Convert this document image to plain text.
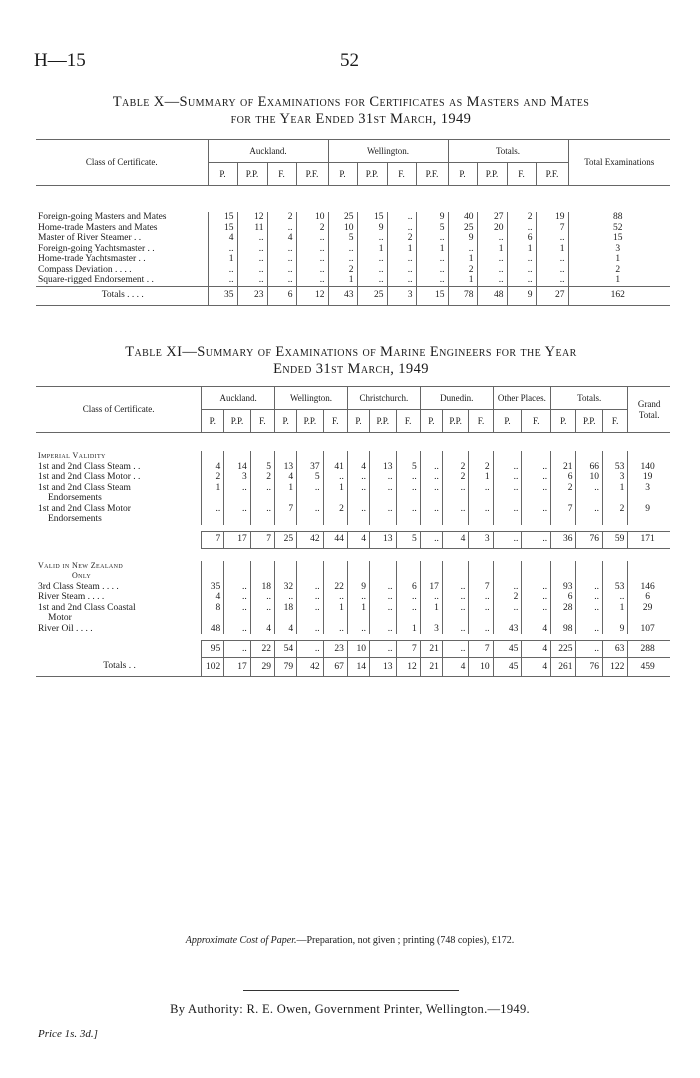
H—15	52
Table X—Summary of Examinations for Certificates as Masters and Mates
for the Year Ended 31st March, 1949
Class of Certificate.	Auckland.				Wellington.				Totals.				Total Examinations
	P.	P.P.	F.	P.F.	P.	P.P.	F.	P.F.	P.	P.P.	F.	P.F.	

Foreign-going Masters and Mates	15	12	2	10	25	15	..	9	40	27	2	19	88
Home-trade Masters and Mates	15	11	..	2	10	9	..	5	25	20	..	7	52
Master of River Steamer . .	4	..	4	..	5	..	2	..	9	..	6	..	15
Foreign-going Yachtsmaster . .	..	..	..	..	..	1	1	1	..	1	1	1	3
Home-trade Yachtsmaster . .	1	..	..	..	..	..	..	..	1	..	..	..	1
Compass Deviation . . . .	..	..	..	..	2	..	..	..	2	..	..	..	2
Square-rigged Endorsement . .	..	..	..	..	1	..	..	..	1	..	..	..	1
Totals . . . .	35	23	6	12	43	25	3	15	78	48	9	27	162
Table XI—Summary of Examinations of Marine Engineers for the Year
Ended 31st March, 1949
Class of Certificate.	Auckland.			Wellington.			Christchurch.			Dunedin.			Other Places.		Totals.			Grand Total.
	P.	P.P.	F.	P.	P.P.	F.	P.	P.P.	F.	P.	P.P.	F.	P.	F.	P.	P.P.	F.	

Imperial Validity																		

1st and 2nd Class Steam . .	4	14	5	13	37	41	4	13	5	..	2	2	..	..	21	66	53	140

1st and 2nd Class Motor . .	2	3	2	4	5	..	..	..	..	..	2	1	..	..	6	10	3	19

1st and 2nd Class Steam
Endorsements	1	..	..	1	..	1	..	..	..	..	..	..	..	..	2	..	1	3

1st and 2nd Class Motor
Endorsements	..	..	..	7	..	2	..	..	..	..	..	..	..	..	7	..	2	9

	7	17	7	25	42	44	4	13	5	..	4	3	..	..	36	76	59	171

Valid in New Zealand
Only																		

3rd Class Steam . . . .	35	..	18	32	..	22	9	..	6	17	..	7	..	..	93	..	53	146

River Steam . . . .	4	..	..	..	..	..	..	..	..	..	..	..	2	..	6	..	..	6

1st and 2nd Class Coastal
Motor	8	..	..	18	..	1	1	..	..	1	..	..	..	..	28	..	1	29

River Oil . . . .	48	..	4	4	..	..	..	..	1	3	..	..	43	4	98	..	9	107

	95	..	22	54	..	23	10	..	7	21	..	7	45	4	225	..	63	288
Totals . .	102	17	29	79	42	67	14	13	12	21	4	10	45	4	261	76	122	459
Approximate Cost of Paper.—Preparation, not given ; printing (748 copies), £172.
By Authority: R. E. Owen, Government Printer, Wellington.—1949.
Price 1s. 3d.]
